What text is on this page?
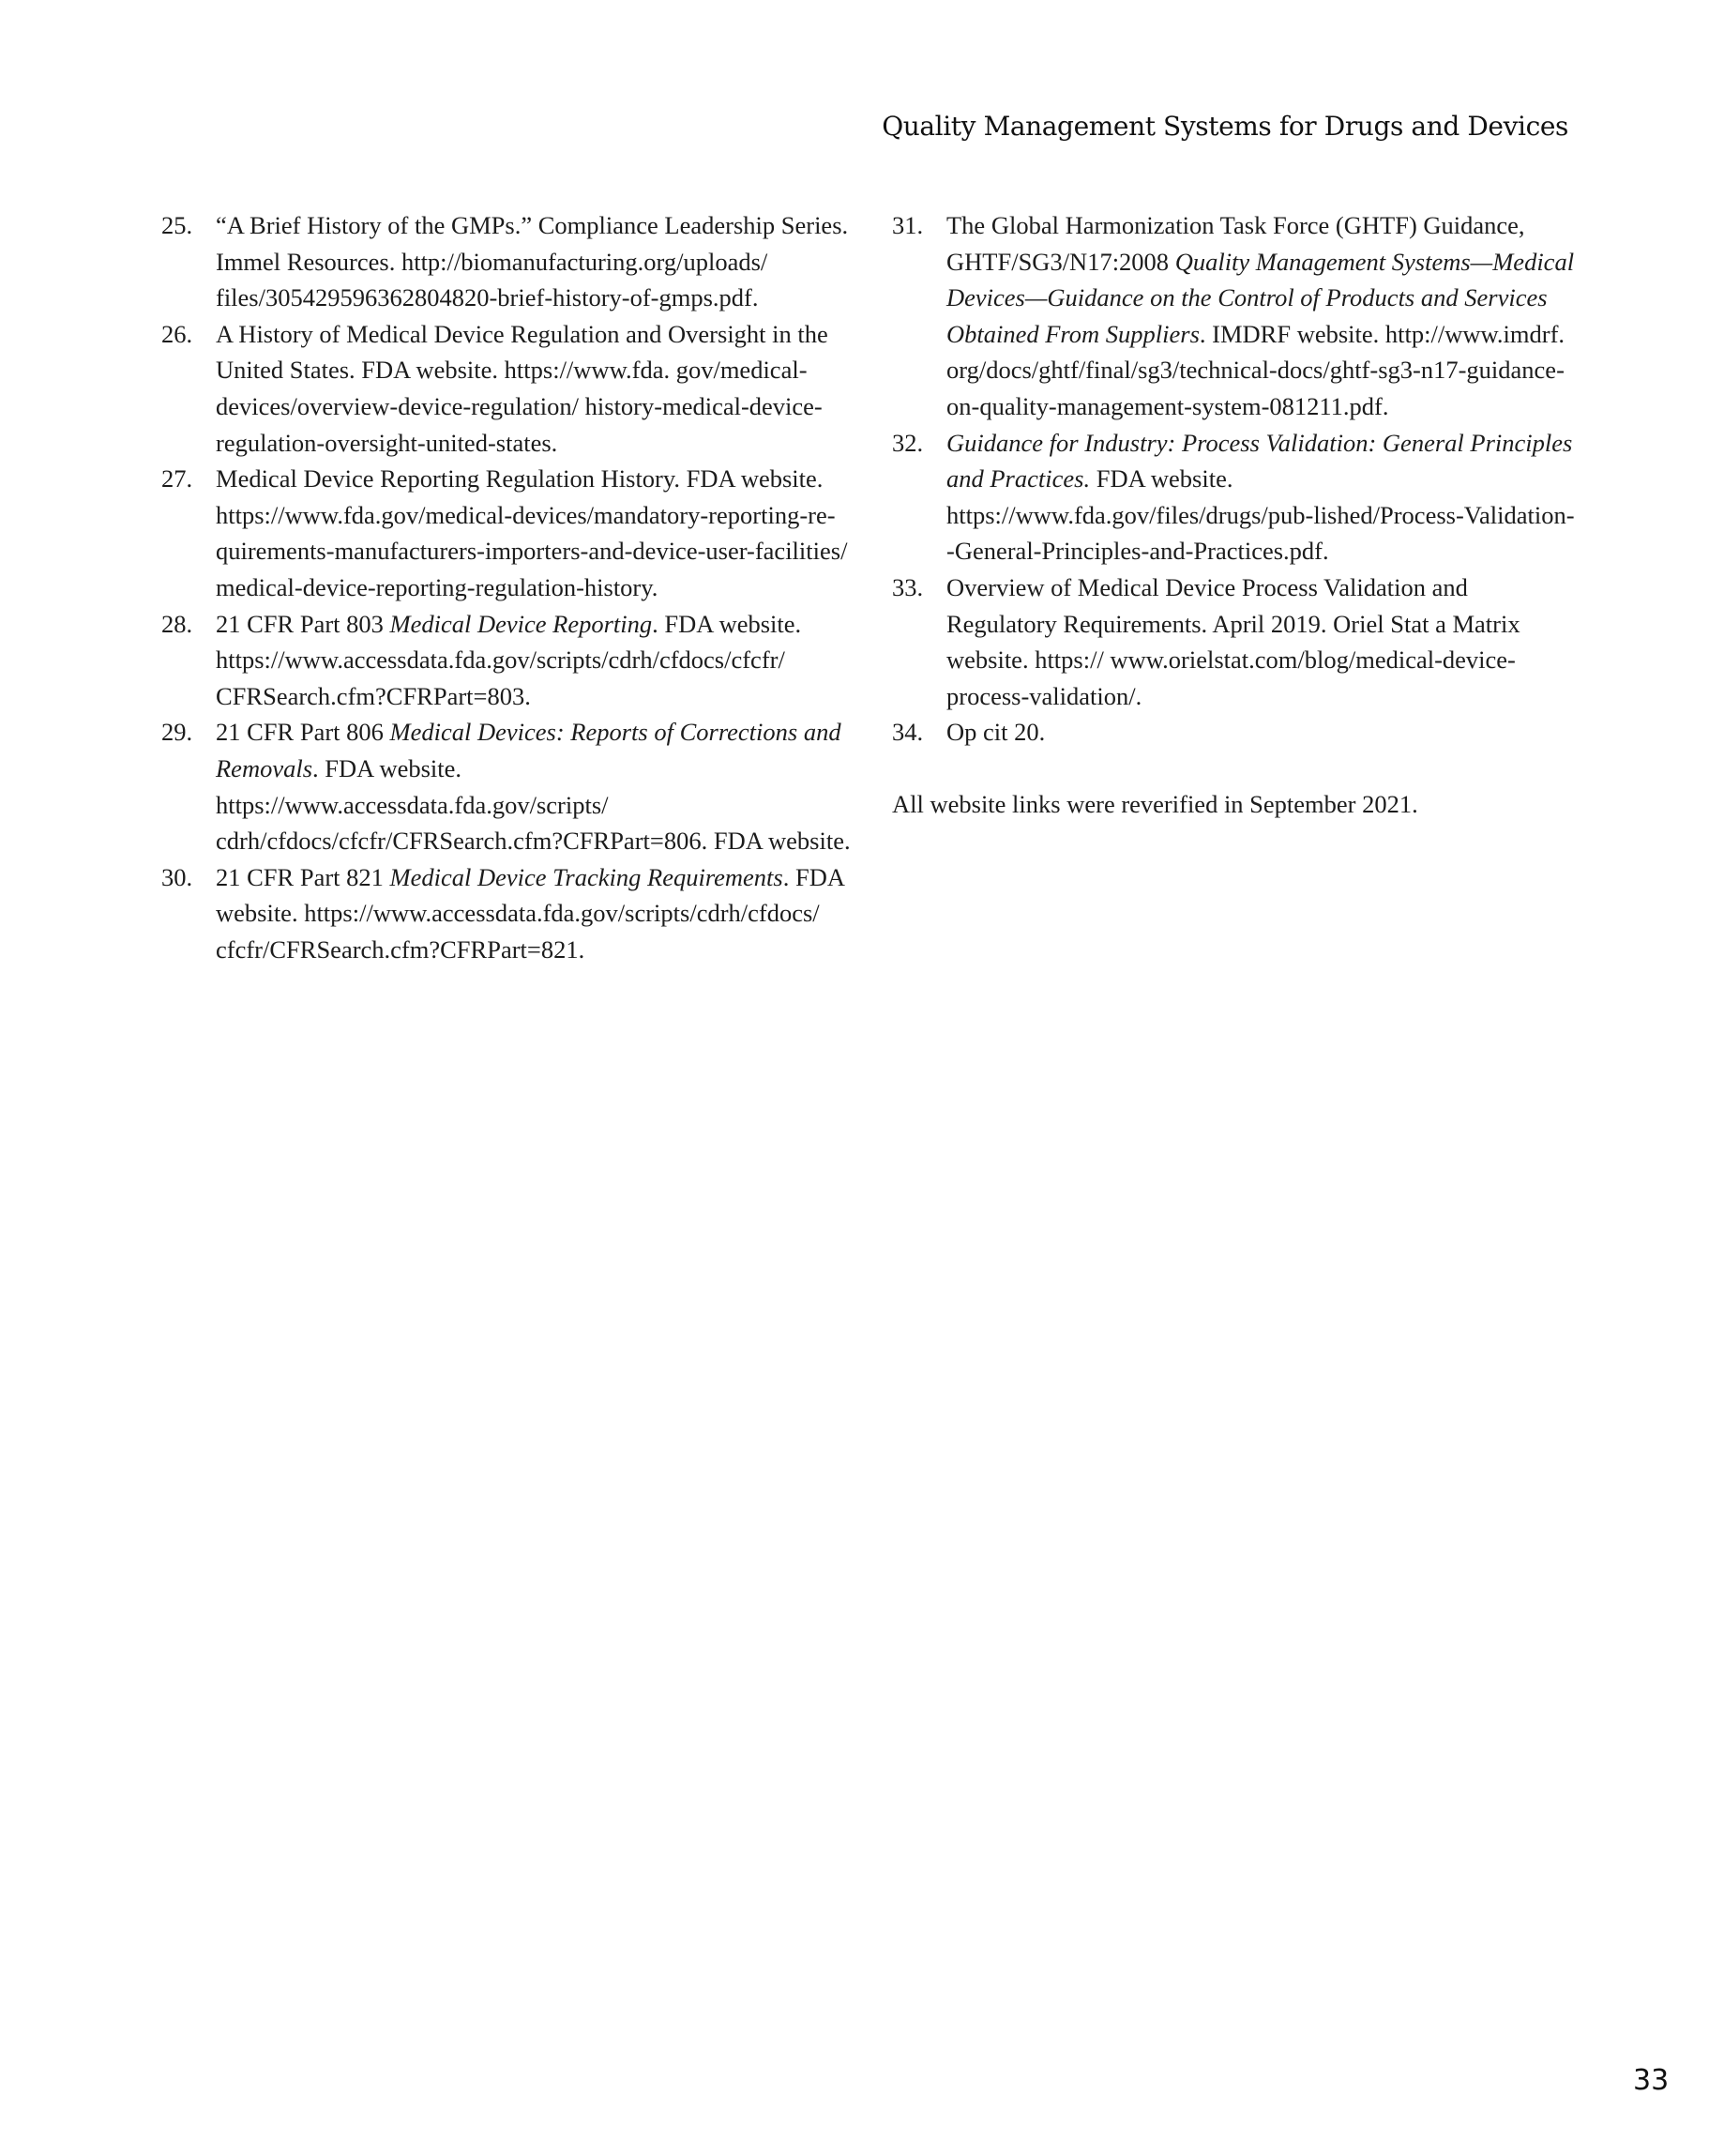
Quality Management Systems for Drugs and Devices
25. “A Brief History of the GMPs.” Compliance Leadership Series. Immel Resources. http://biomanufacturing.org/uploads/ files/305429596362804820-brief-history-of-gmps.pdf.
26. A History of Medical Device Regulation and Oversight in the United States. FDA website. https://www.fda. gov/medical-devices/overview-device-regulation/ history-medical-device-regulation-oversight-united-states.
27. Medical Device Reporting Regulation History. FDA website. https://www.fda.gov/medical-devices/mandatory-reporting-re-quirements-manufacturers-importers-and-device-user-facilities/ medical-device-reporting-regulation-history.
28. 21 CFR Part 803 Medical Device Reporting. FDA website. https://www.accessdata.fda.gov/scripts/cdrh/cfdocs/cfcfr/ CFRSearch.cfm?CFRPart=803.
29. 21 CFR Part 806 Medical Devices: Reports of Corrections and Removals. FDA website. https://www.accessdata.fda.gov/scripts/ cdrh/cfdocs/cfcfr/CFRSearch.cfm?CFRPart=806. FDA website.
30. 21 CFR Part 821 Medical Device Tracking Requirements. FDA website. https://www.accessdata.fda.gov/scripts/cdrh/cfdocs/ cfcfr/CFRSearch.cfm?CFRPart=821.
31. The Global Harmonization Task Force (GHTF) Guidance, GHTF/SG3/N17:2008 Quality Management Systems—Medical Devices—Guidance on the Control of Products and Services Obtained From Suppliers. IMDRF website. http://www.imdrf. org/docs/ghtf/final/sg3/technical-docs/ghtf-sg3-n17-guidance-on-quality-management-system-081211.pdf.
32. Guidance for Industry: Process Validation: General Principles and Practices. FDA website. https://www.fda.gov/files/drugs/pub-lished/Process-Validation--General-Principles-and-Practices.pdf.
33. Overview of Medical Device Process Validation and Regulatory Requirements. April 2019. Oriel Stat a Matrix website. https:// www.orielstat.com/blog/medical-device-process-validation/.
34. Op cit 20.
All website links were reverified in September 2021.
33
